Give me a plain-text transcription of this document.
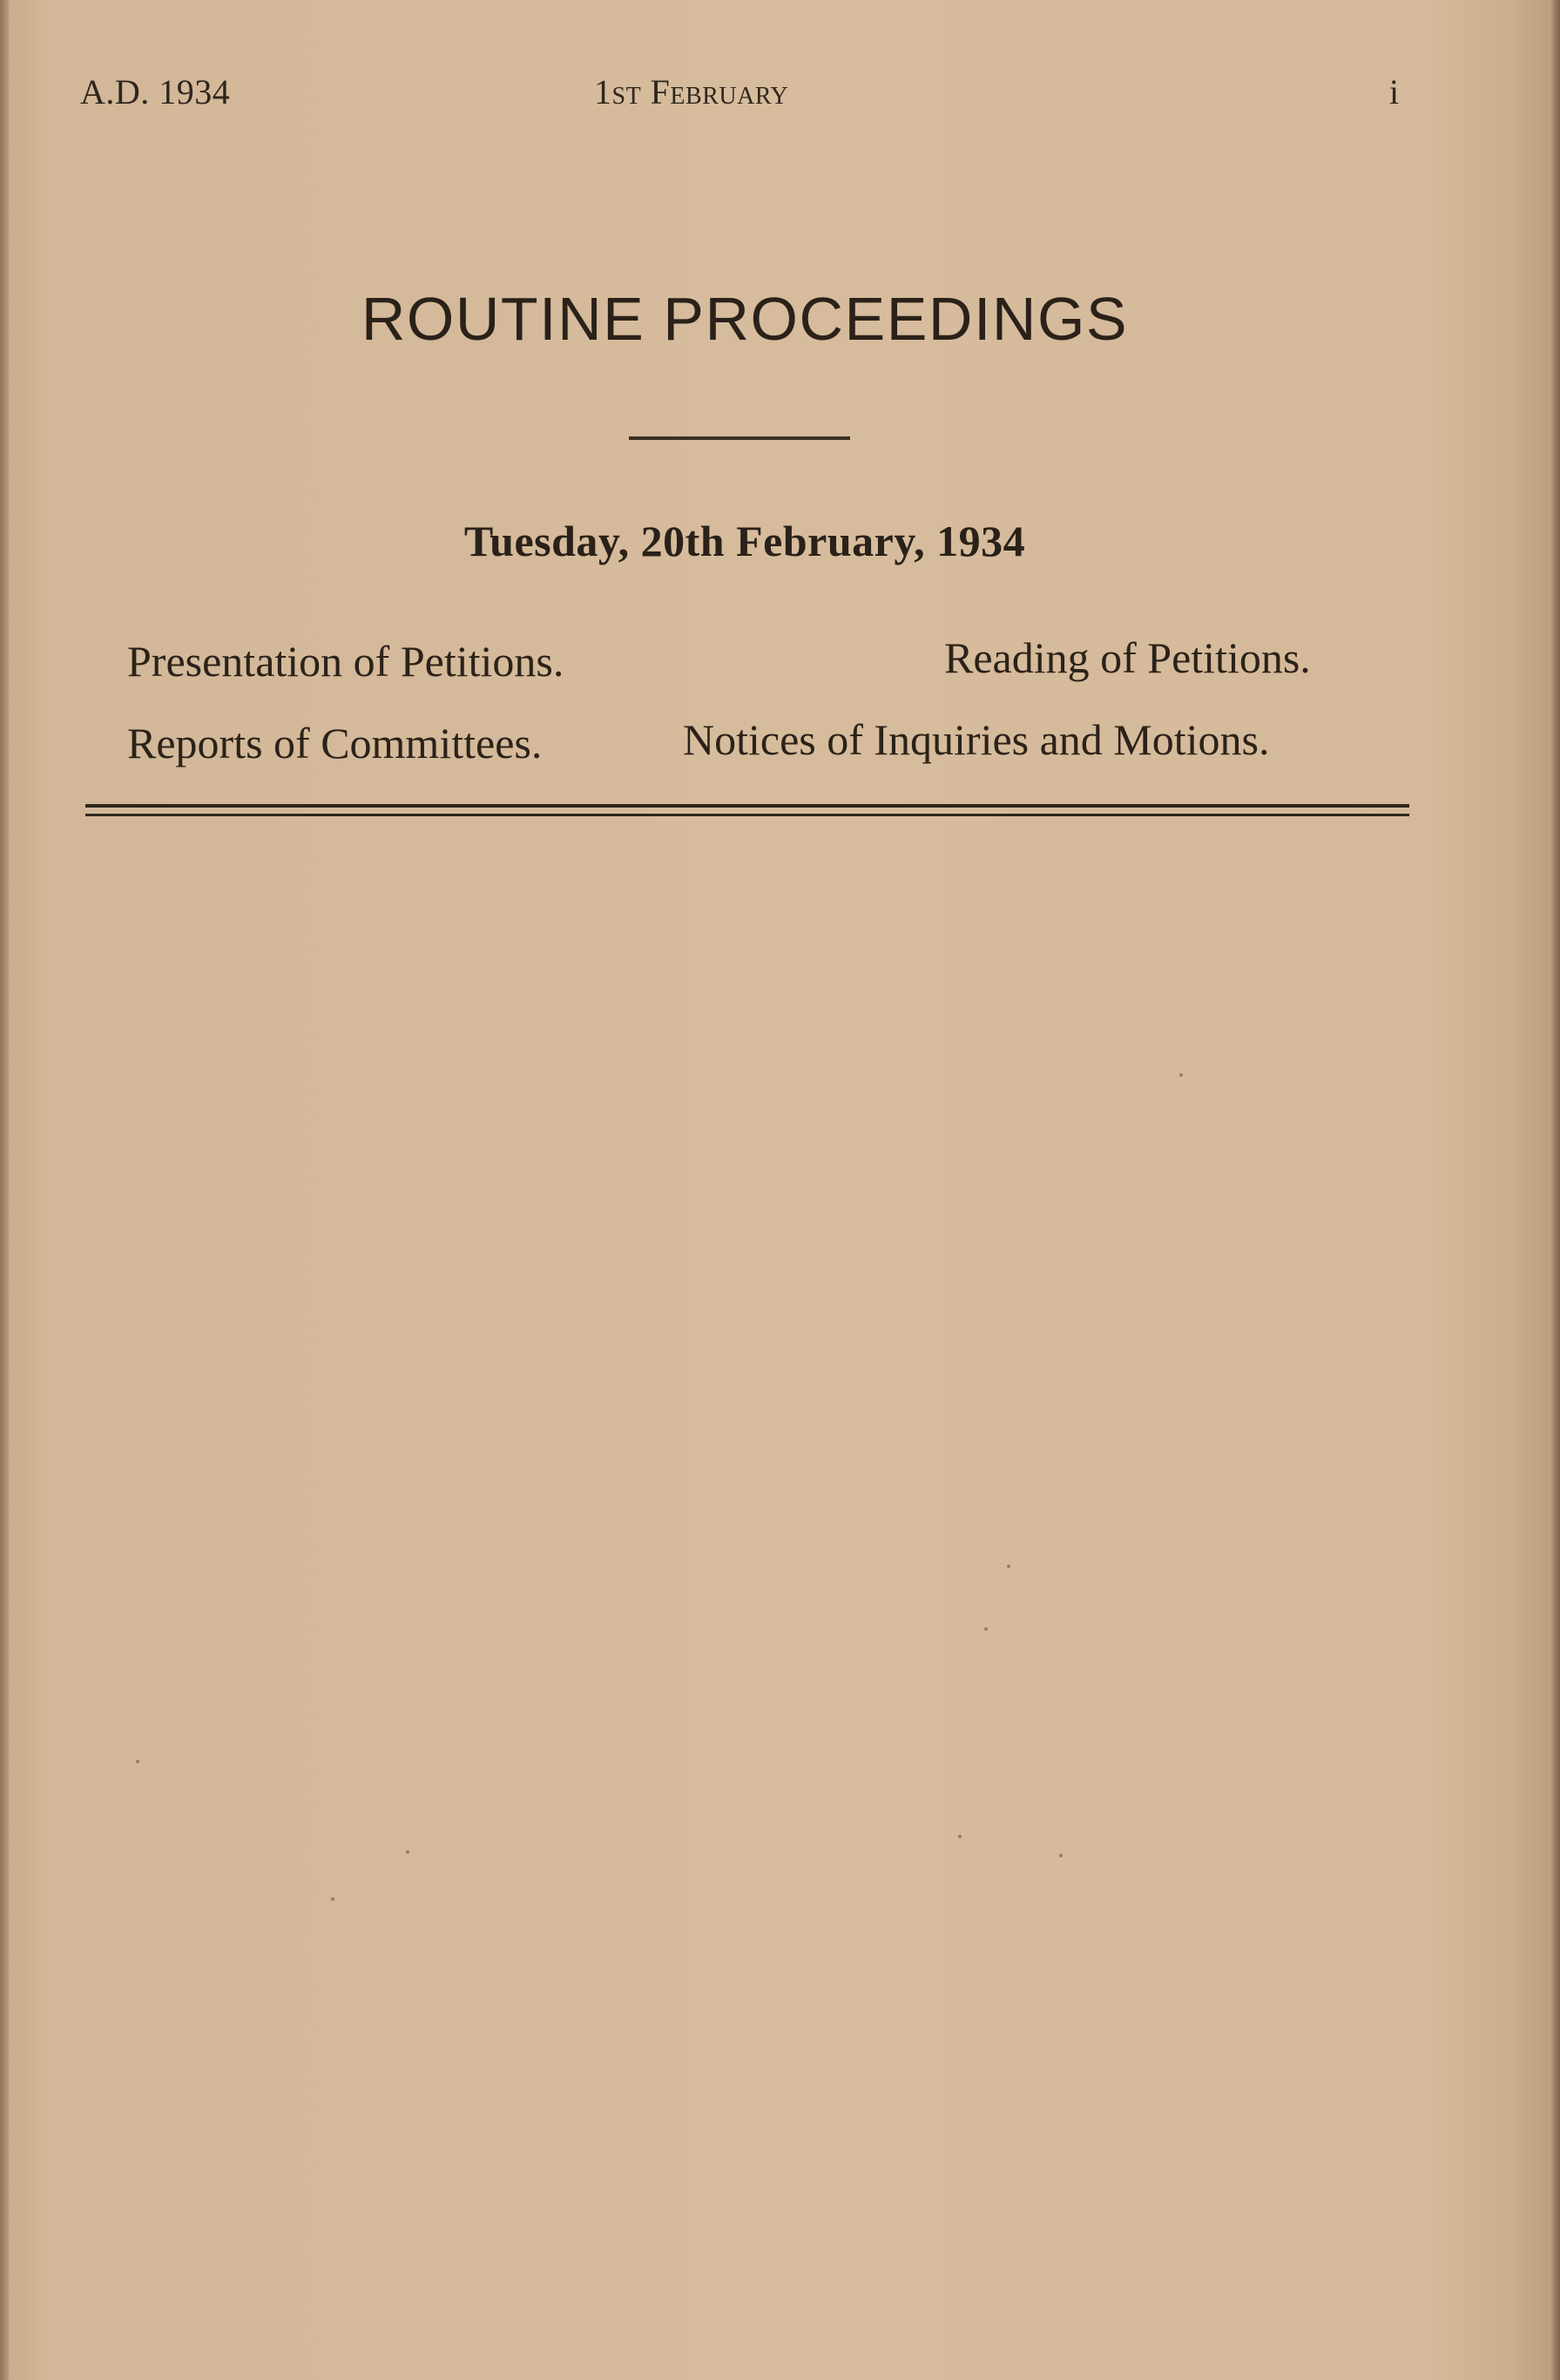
A.D. 1934	1st February	i
ROUTINE PROCEEDINGS
Tuesday, 20th February, 1934
Presentation of Petitions.	Reading of Petitions.
Reports of Committees.	Notices of Inquiries and Motions.
